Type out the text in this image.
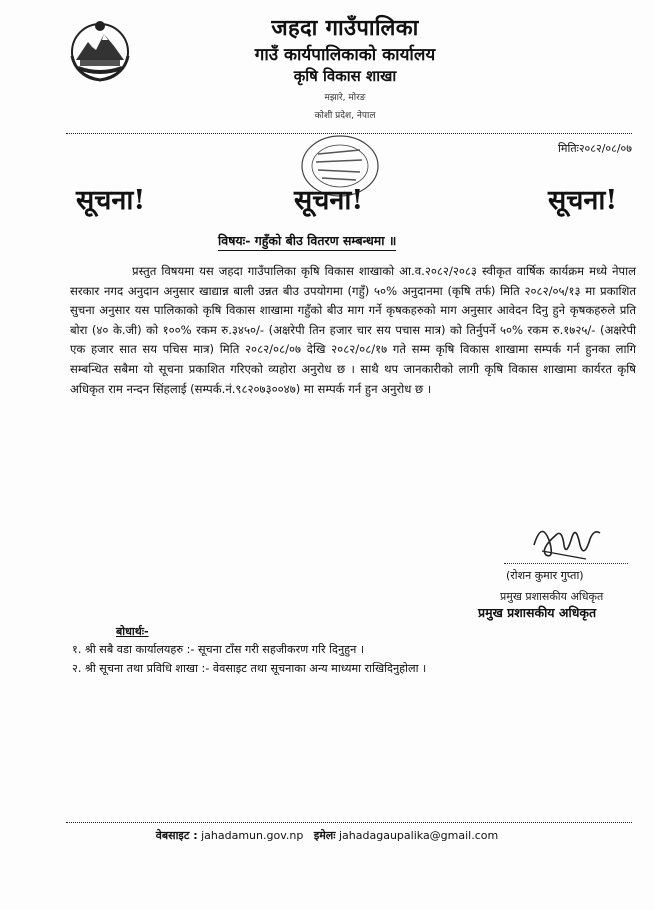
जहदा गाउँपालिका
गाउँ कार्यपालिकाको कार्यालय
कृषि विकास शाखा
मझारे, मोरङ
कोशी प्रदेश, नेपाल
मितिः२०८२/०८/०७
सूचना!	सूचना!	सूचना!
विषयः- गहुँको बीउ वितरण सम्बन्धमा ॥
प्रस्तुत विषयमा यस जहदा गाउँपालिका कृषि विकास शाखाको आ.व.२०८२/२०८३ स्वीकृत वार्षिक कार्यक्रम मध्ये नेपाल सरकार नगद अनुदान अनुसार खाद्यान्न बाली उन्नत बीउ उपयोगमा (गहुँ) ५०% अनुदानमा (कृषि तर्फ) मिति २०८२/०५/१३ मा प्रकाशित सुचना अनुसार यस पालिकाको कृषि विकास शाखामा गहुँको बीउ माग गर्ने कृषकहरुको माग अनुसार आवेदन दिनु हुने कृषकहरुले प्रति बोरा (४० के.जी) को १००% रकम रु.३४५०/- (अक्षरेपी तिन हजार चार सय पचास मात्र) को तिर्नुपर्ने ५०% रकम रु.१७२५/- (अक्षरेपी एक हजार सात सय पचिस मात्र) मिति २०८२/०८/०७ देखि २०८२/०८/१७ गते सम्म कृषि विकास शाखामा सम्पर्क गर्न हुनका लागि सम्बन्धित सबैमा यो सूचना प्रकाशित गरिएको व्यहोरा अनुरोध छ । साथै थप जानकारीको लागी कृषि विकास शाखामा कार्यरत कृषि अधिकृत राम नन्दन सिंहलाई (सम्पर्क.नं.९८२०७३००४७) मा सम्पर्क गर्न हुन अनुरोध छ ।
(रोशन कुमार गुप्ता)
प्रमुख प्रशासकीय अधिकृत
प्रमुख प्रशासकीय अधिकृत
बोधार्थः-
१. श्री सबै वडा कार्यालयहरु :- सूचना टाँस गरी सहजीकरण गरि दिनुहुन ।
२. श्री सूचना तथा प्रविधि शाखा :- वेवसाइट तथा सूचनाका अन्य माध्यमा राखिदिनुहोला ।
वेबसाइट : jahadamun.gov.np इमेलः jahadagaupalika@gmail.com
